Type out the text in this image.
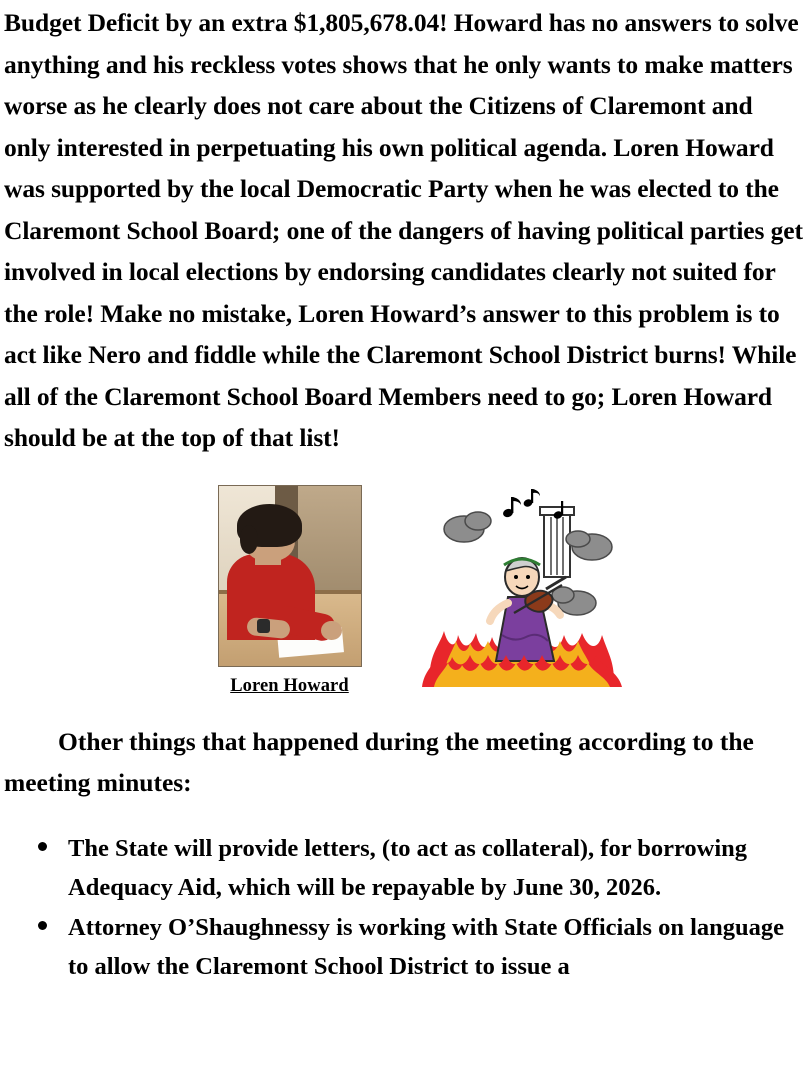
Budget Deficit by an extra $1,805,678.04! Howard has no answers to solve anything and his reckless votes shows that he only wants to make matters worse as he clearly does not care about the Citizens of Claremont and only interested in perpetuating his own political agenda. Loren Howard was supported by the local Democratic Party when he was elected to the Claremont School Board; one of the dangers of having political parties get involved in local elections by endorsing candidates clearly not suited for the role! Make no mistake, Loren Howard’s answer to this problem is to act like Nero and fiddle while the Claremont School District burns! While all of the Claremont School Board Members need to go; Loren Howard should be at the top of that list!

Loren Howard

Other things that happened during the meeting according to the meeting minutes:

The State will provide letters, (to act as collateral), for borrowing Adequacy Aid, which will be repayable by June 30, 2026.
Attorney O’Shaughnessy is working with State Officials on language to allow the Claremont School District to issue a
